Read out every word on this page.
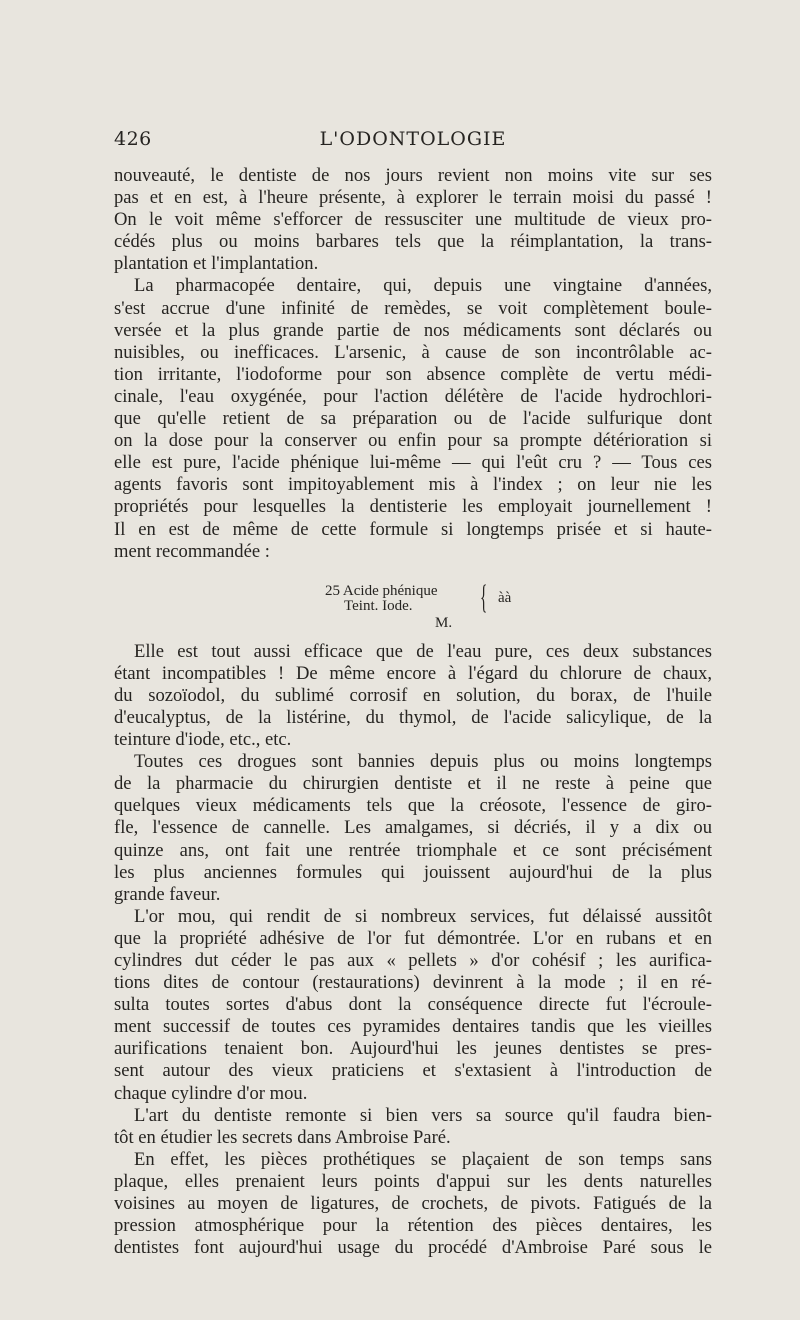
426	L'ODONTOLOGIE
nouveauté, le dentiste de nos jours revient non moins vite sur ses
pas et en est, à l'heure présente, à explorer le terrain moisi du passé !
On le voit même s'efforcer de ressusciter une multitude de vieux pro-
cédés plus ou moins barbares tels que la réimplantation, la trans-
plantation et l'implantation.
La pharmacopée dentaire, qui, depuis une vingtaine d'années,
s'est accrue d'une infinité de remèdes, se voit complètement boule-
versée et la plus grande partie de nos médicaments sont déclarés ou
nuisibles, ou inefficaces. L'arsenic, à cause de son incontrôlable ac-
tion irritante, l'iodoforme pour son absence complète de vertu médi-
cinale, l'eau oxygénée, pour l'action délétère de l'acide hydrochlori-
que qu'elle retient de sa préparation ou de l'acide sulfurique dont
on la dose pour la conserver ou enfin pour sa prompte détérioration si
elle est pure, l'acide phénique lui-même — qui l'eût cru ? — Tous ces
agents favoris sont impitoyablement mis à l'index ; on leur nie les
propriétés pour lesquelles la dentisterie les employait journellement !
Il en est de même de cette formule si longtemps prisée et si haute-
ment recommandée :
25 Acide phénique
Teint. Iode. { àà
M.
Elle est tout aussi efficace que de l'eau pure, ces deux substances
étant incompatibles ! De même encore à l'égard du chlorure de chaux,
du sozoïodol, du sublimé corrosif en solution, du borax, de l'huile
d'eucalyptus, de la listérine, du thymol, de l'acide salicylique, de la
teinture d'iode, etc., etc.
Toutes ces drogues sont bannies depuis plus ou moins longtemps
de la pharmacie du chirurgien dentiste et il ne reste à peine que
quelques vieux médicaments tels que la créosote, l'essence de giro-
fle, l'essence de cannelle. Les amalgames, si décriés, il y a dix ou
quinze ans, ont fait une rentrée triomphale et ce sont précisément
les plus anciennes formules qui jouissent aujourd'hui de la plus
grande faveur.
L'or mou, qui rendit de si nombreux services, fut délaissé aussitôt
que la propriété adhésive de l'or fut démontrée. L'or en rubans et en
cylindres dut céder le pas aux « pellets » d'or cohésif ; les aurifica-
tions dites de contour (restaurations) devinrent à la mode ; il en ré-
sulta toutes sortes d'abus dont la conséquence directe fut l'écroule-
ment successif de toutes ces pyramides dentaires tandis que les vieilles
aurifications tenaient bon. Aujourd'hui les jeunes dentistes se pres-
sent autour des vieux praticiens et s'extasient à l'introduction de
chaque cylindre d'or mou.
L'art du dentiste remonte si bien vers sa source qu'il faudra bien-
tôt en étudier les secrets dans Ambroise Paré.
En effet, les pièces prothétiques se plaçaient de son temps sans
plaque, elles prenaient leurs points d'appui sur les dents naturelles
voisines au moyen de ligatures, de crochets, de pivots. Fatigués de la
pression atmosphérique pour la rétention des pièces dentaires, les
dentistes font aujourd'hui usage du procédé d'Ambroise Paré sous le
